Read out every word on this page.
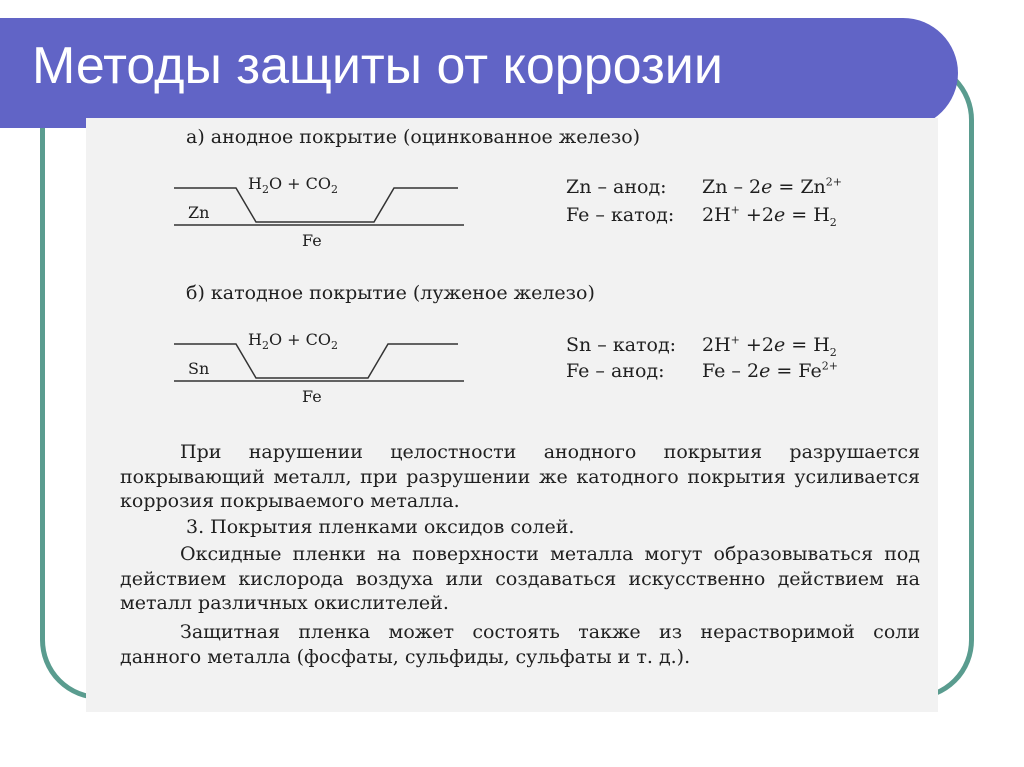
Методы защиты от коррозии
а) анодное покрытие (оцинкованное железо)
$H_2O + CO_2$
Zn
Fe
Zn – анод: $Zn - 2e = Zn^{2+}$
Fe – катод: $2H^+ +2e = H_2$
б) катодное покрытие (луженое железо)
$H_2O + CO_2$
Sn
Fe
Sn – катод: $2H^+ +2e = H_2$
Fe – анод: $Fe - 2e = Fe^{2+}$

При нарушении целостности анодного покрытия разрушается покрывающий металл, при разрушении же катодного покрытия усиливается коррозия покрываемого металла.

3. Покрытия пленками оксидов солей.

Оксидные пленки на поверхности металла могут образовываться под действием кислорода воздуха или создаваться искусственно действием на металл различных окислителей.

Защитная пленка может состоять также из нерастворимой соли данного металла (фосфаты, сульфиды, сульфаты и т. д.).
